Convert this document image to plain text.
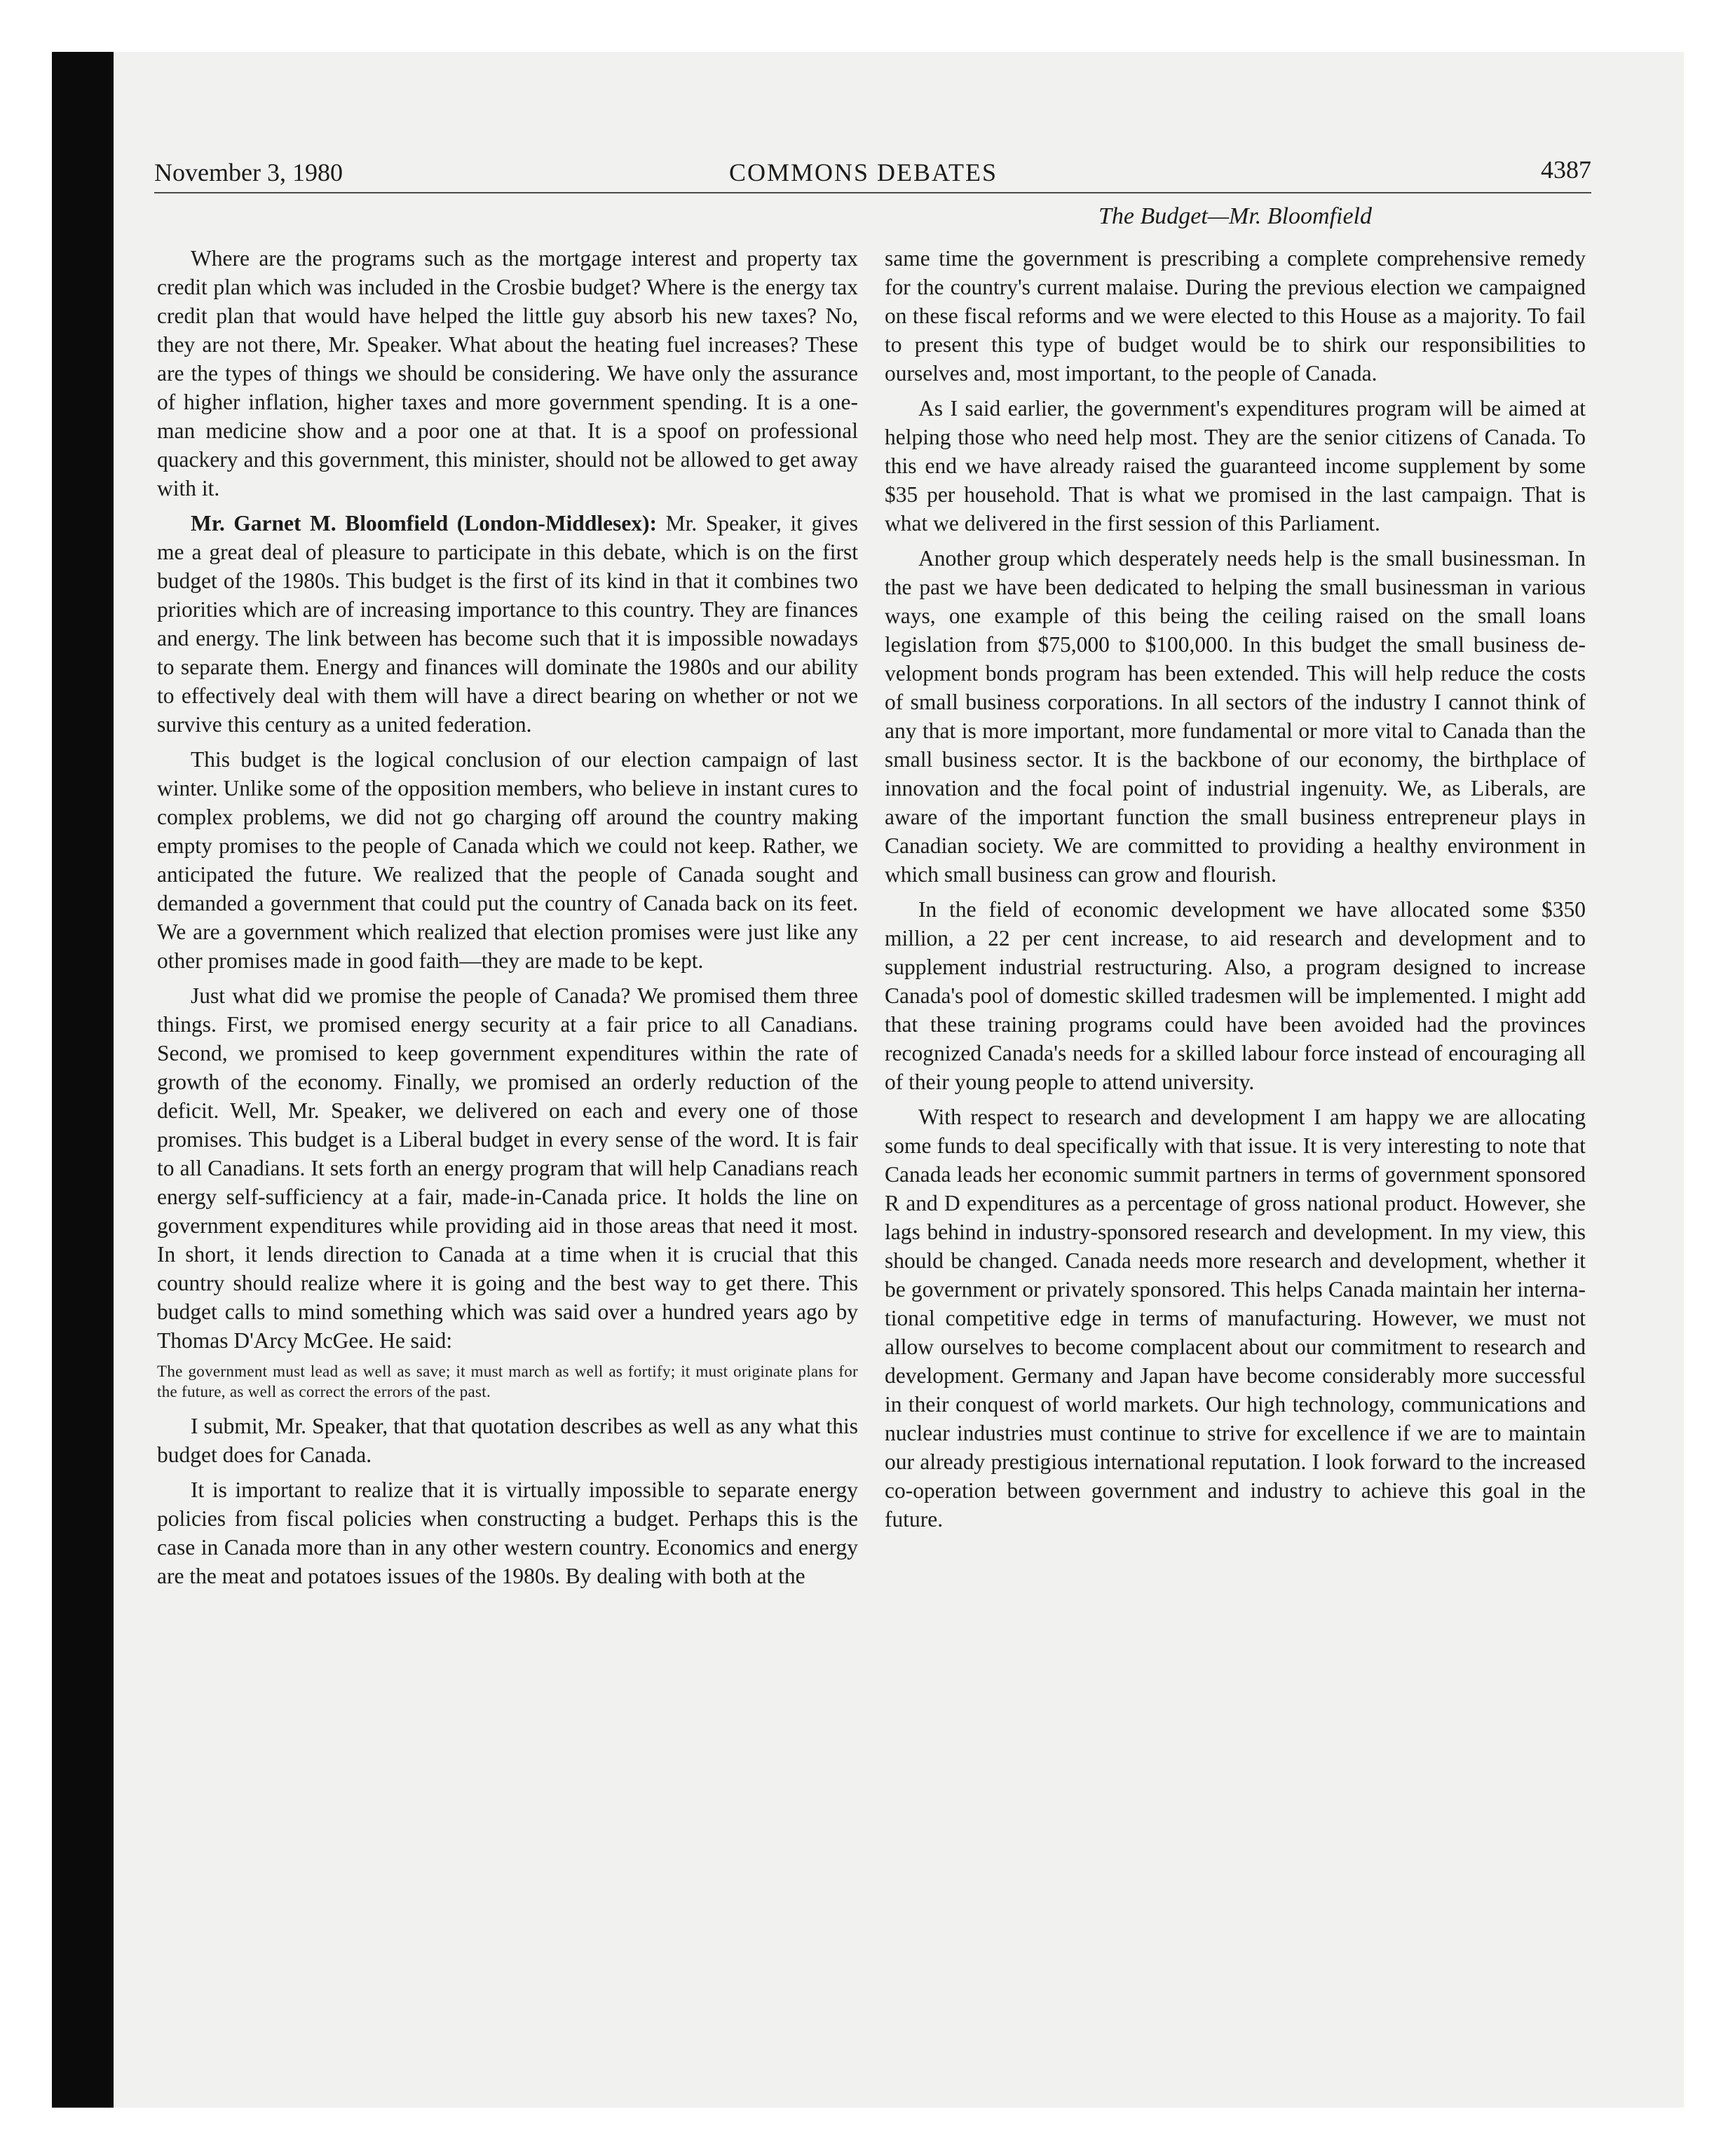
November 3, 1980	COMMONS DEBATES	4387
The Budget—Mr. Bloomfield

Where are the programs such as the mortgage interest and property tax credit plan which was included in the Crosbie budget? Where is the energy tax credit plan that would have helped the little guy absorb his new taxes? No, they are not there, Mr. Speaker. What about the heating fuel increases? These are the types of things we should be considering. We have only the assurance of higher inflation, higher taxes and more government spending. It is a one-man medicine show and a poor one at that. It is a spoof on professional quackery and this government, this minister, should not be allowed to get away with it.

Mr. Garnet M. Bloomfield (London-Middlesex): Mr. Speaker, it gives me a great deal of pleasure to participate in this debate, which is on the first budget of the 1980s. This budget is the first of its kind in that it combines two priorities which are of increasing importance to this country. They are finances and energy. The link between has become such that it is impossible nowadays to separate them. Energy and finances will dominate the 1980s and our ability to effectively deal with them will have a direct bearing on whether or not we survive this century as a united federation.

This budget is the logical conclusion of our election campaign of last winter. Unlike some of the opposition members, who believe in instant cures to complex problems, we did not go charging off around the country making empty promises to the people of Canada which we could not keep. Rather, we anticipated the future. We realized that the people of Canada sought and demanded a government that could put the country of Canada back on its feet. We are a government which realized that election promises were just like any other promises made in good faith—they are made to be kept.

Just what did we promise the people of Canada? We promised them three things. First, we promised energy security at a fair price to all Canadians. Second, we promised to keep government expenditures within the rate of growth of the economy. Finally, we promised an orderly reduction of the deficit. Well, Mr. Speaker, we delivered on each and every one of those promises. This budget is a Liberal budget in every sense of the word. It is fair to all Canadians. It sets forth an energy program that will help Canadians reach energy self-sufficiency at a fair, made-in-Canada price. It holds the line on government expenditures while providing aid in those areas that need it most. In short, it lends direction to Canada at a time when it is crucial that this country should realize where it is going and the best way to get there. This budget calls to mind something which was said over a hundred years ago by Thomas D'Arcy McGee. He said:

The government must lead as well as save; it must march as well as fortify; it must originate plans for the future, as well as correct the errors of the past.

I submit, Mr. Speaker, that that quotation describes as well as any what this budget does for Canada.

It is important to realize that it is virtually impossible to separate energy policies from fiscal policies when constructing a budget. Perhaps this is the case in Canada more than in any other western country. Economics and energy are the meat and potatoes issues of the 1980s. By dealing with both at the

same time the government is prescribing a complete comprehensive remedy for the country's current malaise. During the previous election we campaigned on these fiscal reforms and we were elected to this House as a majority. To fail to present this type of budget would be to shirk our responsibilities to ourselves and, most important, to the people of Canada.

As I said earlier, the government's expenditures program will be aimed at helping those who need help most. They are the senior citizens of Canada. To this end we have already raised the guaranteed income supplement by some $35 per household. That is what we promised in the last campaign. That is what we delivered in the first session of this Parliament.

Another group which desperately needs help is the small businessman. In the past we have been dedicated to helping the small businessman in various ways, one example of this being the ceiling raised on the small loans legislation from $75,000 to $100,000. In this budget the small business development bonds program has been extended. This will help reduce the costs of small business corporations. In all sectors of the industry I cannot think of any that is more important, more fundamental or more vital to Canada than the small business sector. It is the backbone of our economy, the birthplace of innovation and the focal point of industrial ingenuity. We, as Liberals, are aware of the important function the small business entrepreneur plays in Canadian society. We are committed to providing a healthy environment in which small business can grow and flourish.

In the field of economic development we have allocated some $350 million, a 22 per cent increase, to aid research and development and to supplement industrial restructuring. Also, a program designed to increase Canada's pool of domestic skilled tradesmen will be implemented. I might add that these training programs could have been avoided had the provinces recognized Canada's needs for a skilled labour force instead of encouraging all of their young people to attend university.

With respect to research and development I am happy we are allocating some funds to deal specifically with that issue. It is very interesting to note that Canada leads her economic summit partners in terms of government sponsored R and D expenditures as a percentage of gross national product. However, she lags behind in industry-sponsored research and development. In my view, this should be changed. Canada needs more research and development, whether it be government or privately sponsored. This helps Canada maintain her international competitive edge in terms of manufacturing. However, we must not allow ourselves to become complacent about our commitment to research and development. Germany and Japan have become considerably more successful in their conquest of world markets. Our high technology, communications and nuclear industries must continue to strive for excellence if we are to maintain our already prestigious international reputation. I look forward to the increased co-operation between government and industry to achieve this goal in the future.
